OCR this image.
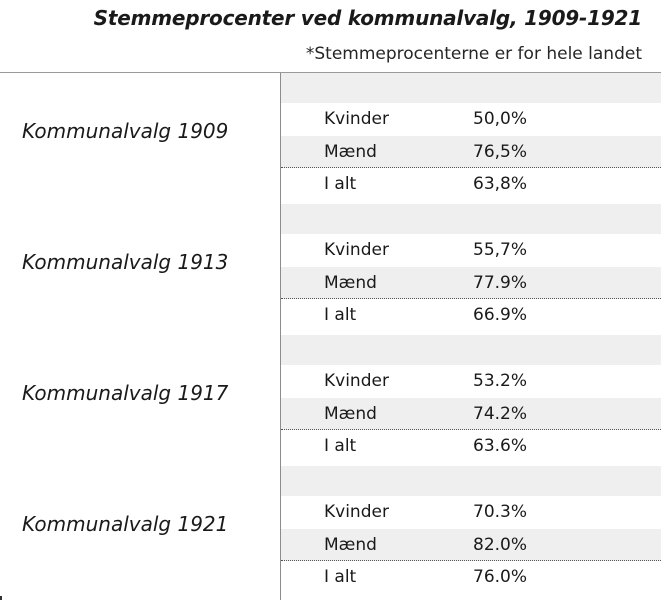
Stemmeprocenter ved kommunalvalg, 1909-1921
*Stemmeprocenterne er for hele landet
Kommunalvalg 1909	Kvinder	50,0%
Mænd	76,5%
I alt	63,8%
Kommunalvalg 1913	Kvinder	55,7%
Mænd	77.9%
I alt	66.9%
Kommunalvalg 1917	Kvinder	53.2%
Mænd	74.2%
I alt	63.6%
Kommunalvalg 1921	Kvinder	70.3%
Mænd	82.0%
I alt	76.0%
